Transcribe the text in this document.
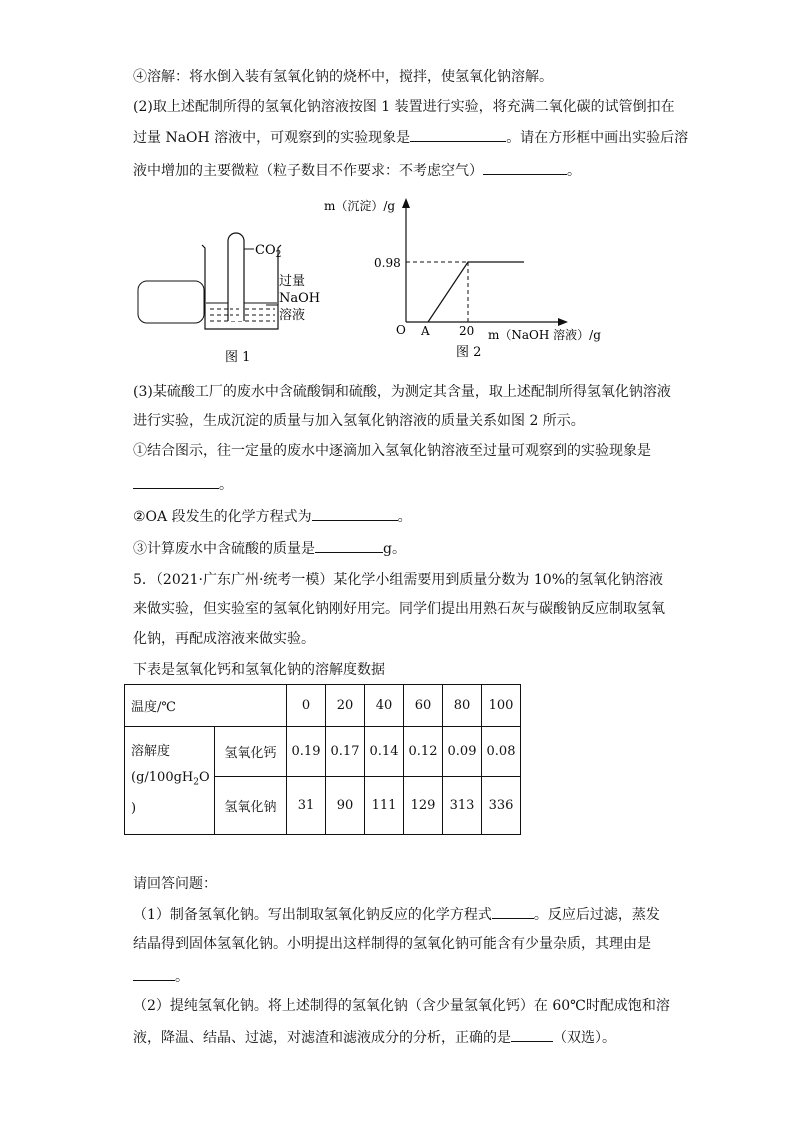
④溶解：将水倒入装有氢氧化钠的烧杯中，搅拌，使氢氧化钠溶解。
(2)取上述配制所得的氢氧化钠溶液按图 1 装置进行实验，将充满二氧化碳的试管倒扣在
过量 NaOH 溶液中，可观察到的实验现象是	。请在方形框中画出实验后溶
液中增加的主要微粒（粒子数目不作要求：不考虑空气）	。
$CO_2$
过量
NaOH
溶液
图 1
m（沉淀）/g
0.98
O A 20 m（NaOH 溶液）/g
图 2
(3)某硫酸工厂的废水中含硫酸铜和硫酸，为测定其含量，取上述配制所得氢氧化钠溶液
进行实验，生成沉淀的质量与加入氢氧化钠溶液的质量关系如图 2 所示。
①结合图示，往一定量的废水中逐滴加入氢氧化钠溶液至过量可观察到的实验现象是
。
②OA 段发生的化学方程式为	。
③计算废水中含硫酸的质量是	g。
5．（2021·广东广州·统考一模）某化学小组需要用到质量分数为 10%的氢氧化钠溶液
来做实验，但实验室的氢氧化钠刚好用完。同学们提出用熟石灰与碳酸钠反应制取氢氧
化钠，再配成溶液来做实验。
下表是氢氧化钙和氢氧化钠的溶解度数据
温度/℃		0	20	40	60	80	100

溶解度
($g/100gH_2O$
)	氢氧化钙	0.19	0.17	0.14	0.12	0.09	0.08
	氢氧化钠	31	90	111	129	313	336
请回答问题：
（1）制备氢氧化钠。写出制取氢氧化钠反应的化学方程式	。反应后过滤，蒸发
结晶得到固体氢氧化钠。小明提出这样制得的氢氧化钠可能含有少量杂质，其理由是
。
（2）提纯氢氧化钠。将上述制得的氢氧化钠（含少量氢氧化钙）在 60℃时配成饱和溶
液，降温、结晶、过滤，对滤渣和滤液成分的分析，正确的是	（双选）。
